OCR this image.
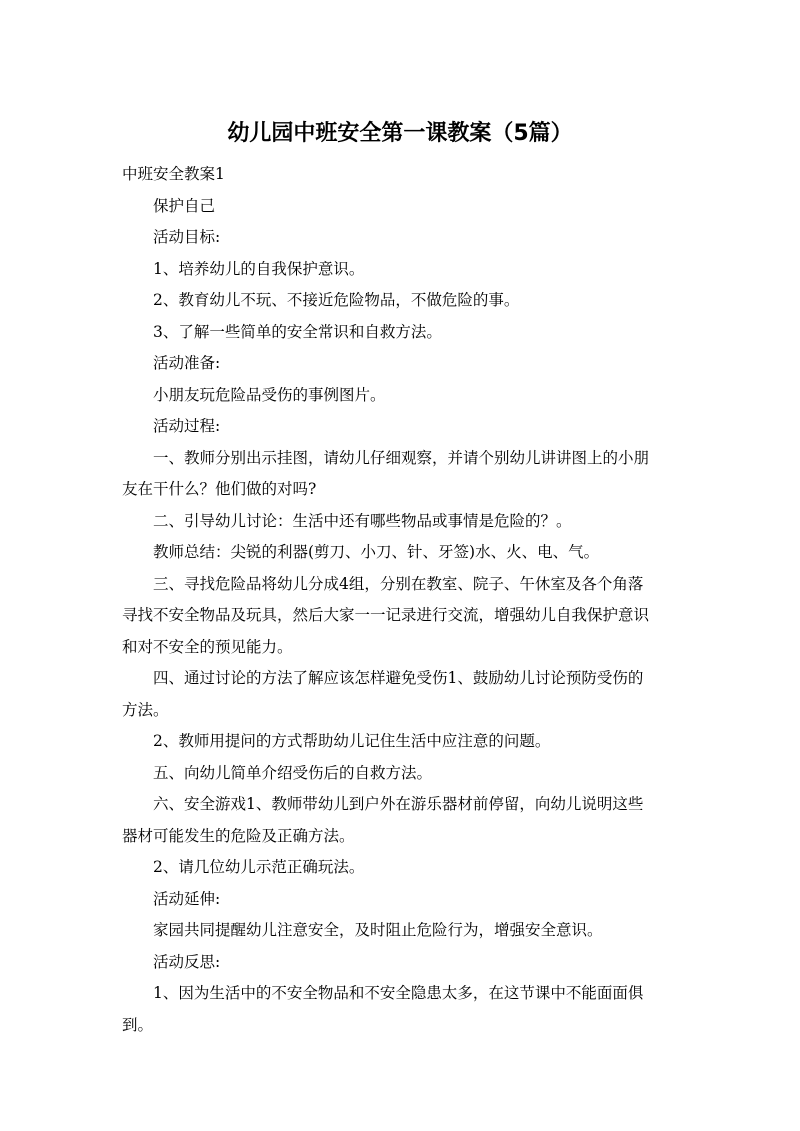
幼儿园中班安全第一课教案（5篇）

中班安全教案1

保护自己

活动目标:

1、培养幼儿的自我保护意识。

2、教育幼儿不玩、不接近危险物品，不做危险的事。

3、了解一些简单的安全常识和自救方法。

活动准备:

小朋友玩危险品受伤的事例图片。

活动过程:

一、教师分别出示挂图，请幼儿仔细观察，并请个别幼儿讲讲图上的小朋

友在干什么？他们做的对吗?

二、引导幼儿讨论：生活中还有哪些物品或事情是危险的？。

教师总结：尖锐的利器(剪刀、小刀、针、牙签)水、火、电、气。

三、寻找危险品将幼儿分成4组，分别在教室、院子、午休室及各个角落

寻找不安全物品及玩具，然后大家一一记录进行交流，增强幼儿自我保护意识

和对不安全的预见能力。

四、通过讨论的方法了解应该怎样避免受伤1、鼓励幼儿讨论预防受伤的

方法。

2、教师用提问的方式帮助幼儿记住生活中应注意的问题。

五、向幼儿简单介绍受伤后的自救方法。

六、安全游戏1、教师带幼儿到户外在游乐器材前停留，向幼儿说明这些

器材可能发生的危险及正确方法。

2、请几位幼儿示范正确玩法。

活动延伸:

家园共同提醒幼儿注意安全，及时阻止危险行为，增强安全意识。

活动反思:

1、因为生活中的不安全物品和不安全隐患太多，在这节课中不能面面俱

到。
